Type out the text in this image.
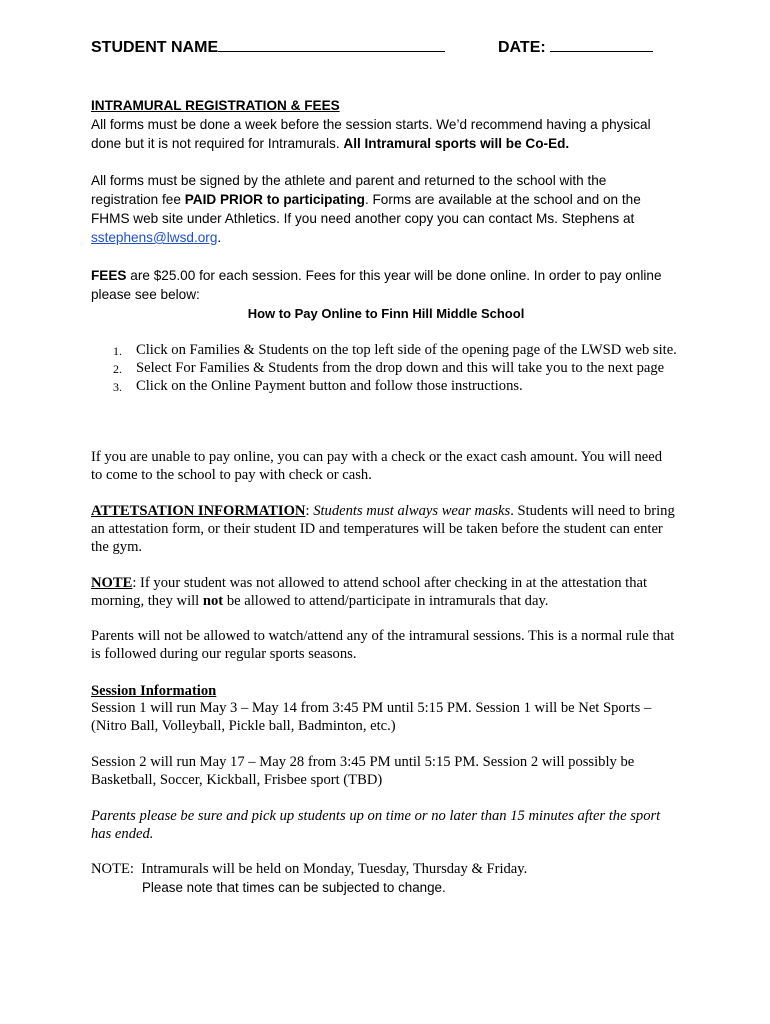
STUDENT NAME	DATE:

INTRAMURAL REGISTRATION & FEES

All forms must be done a week before the session starts. We’d recommend having a physical done but it is not required for Intramurals. All Intramural sports will be Co-Ed.

All forms must be signed by the athlete and parent and returned to the school with the registration fee PAID PRIOR to participating. Forms are available at the school and on the FHMS web site under Athletics. If you need another copy you can contact Ms. Stephens at sstephens@lwsd.org.

FEES are $25.00 for each session. Fees for this year will be done online. In order to pay online please see below:

How to Pay Online to Finn Hill Middle School

1. Click on Families & Students on the top left side of the opening page of the LWSD web site.
2. Select For Families & Students from the drop down and this will take you to the next page
3. Click on the Online Payment button and follow those instructions.

If you are unable to pay online, you can pay with a check or the exact cash amount. You will need to come to the school to pay with check or cash.

ATTETSATION INFORMATION: Students must always wear masks. Students will need to bring an attestation form, or their student ID and temperatures will be taken before the student can enter the gym.

NOTE: If your student was not allowed to attend school after checking in at the attestation that morning, they will not be allowed to attend/participate in intramurals that day.

Parents will not be allowed to watch/attend any of the intramural sessions. This is a normal rule that is followed during our regular sports seasons.

Session Information

Session 1 will run May 3 – May 14 from 3:45 PM until 5:15 PM. Session 1 will be Net Sports – (Nitro Ball, Volleyball, Pickle ball, Badminton, etc.)

Session 2 will run May 17 – May 28 from 3:45 PM until 5:15 PM. Session 2 will possibly be Basketball, Soccer, Kickball, Frisbee sport (TBD)

Parents please be sure and pick up students up on time or no later than 15 minutes after the sport has ended.

NOTE:  Intramurals will be held on Monday, Tuesday, Thursday & Friday.

Please note that times can be subjected to change.
